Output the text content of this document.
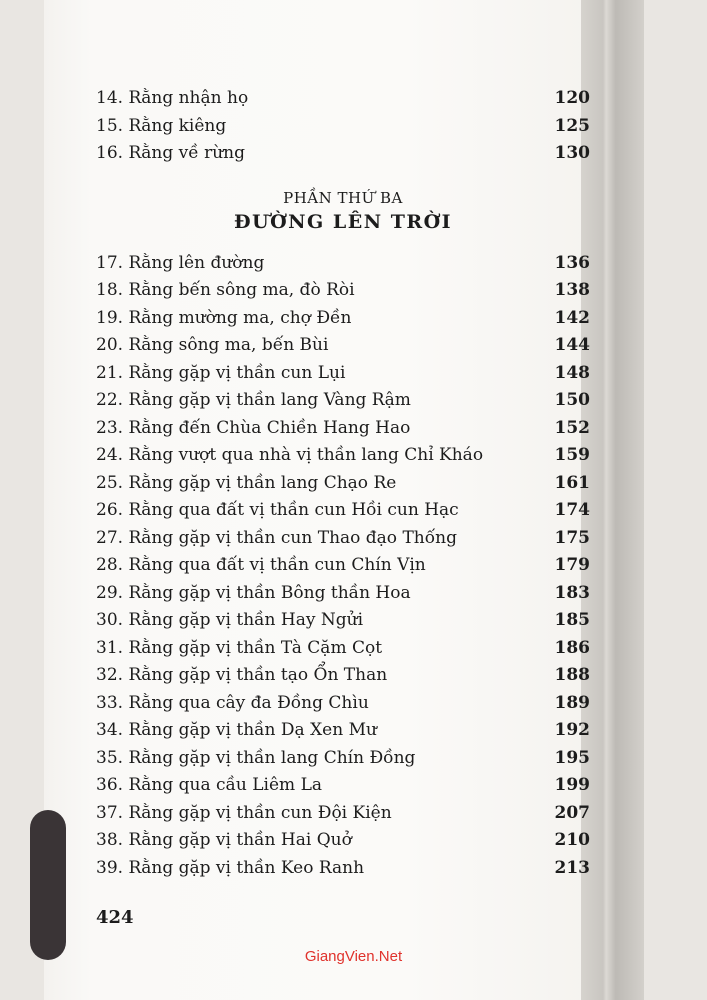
14. Rằng nhận họ	120
15. Rằng kiêng	125
16. Rằng về rừng	130
PHẦN THỨ BA
ĐƯỜNG LÊN TRỜI
17. Rằng lên đường	136
18. Rằng bến sông ma, đò Ròi	138
19. Rằng mường ma, chợ Đền	142
20. Rằng sông ma, bến Bùi	144
21. Rằng gặp vị thần cun Lụi	148
22. Rằng gặp vị thần lang Vàng Rậm	150
23. Rằng đến Chùa Chiền Hang Hao	152
24. Rằng vượt qua nhà vị thần lang Chỉ Kháo	159
25. Rằng gặp vị thần lang Chạo Re	161
26. Rằng qua đất vị thần cun Hồi cun Hạc	174
27. Rằng gặp vị thần cun Thao đạo Thống	175
28. Rằng qua đất vị thần cun Chín Vịn	179
29. Rằng gặp vị thần Bông thần Hoa	183
30. Rằng gặp vị thần Hay Ngửi	185
31. Rằng gặp vị thần Tà Cặm Cọt	186
32. Rằng gặp vị thần tạo Ổn Than	188
33. Rằng qua cây đa Đồng Chìu	189
34. Rằng gặp vị thần Dạ Xen Mư	192
35. Rằng gặp vị thần lang Chín Đồng	195
36. Rằng qua cầu Liêm La	199
37. Rằng gặp vị thần cun Đội Kiện	207
38. Rằng gặp vị thần Hai Quở	210
39. Rằng gặp vị thần Keo Ranh	213
424
GiangVien.Net
